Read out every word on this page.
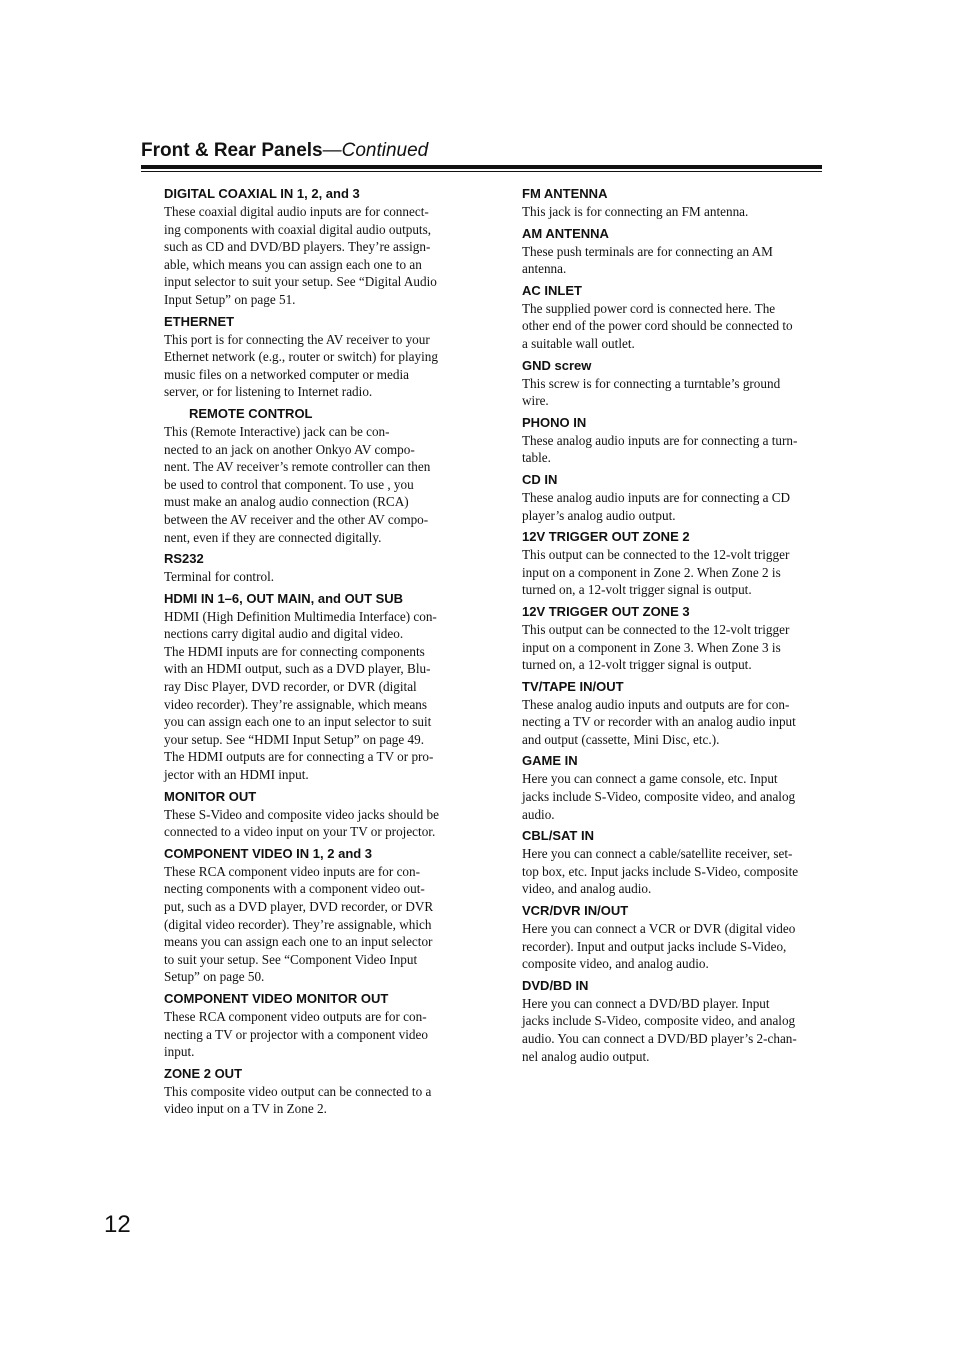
Front & Rear Panels—Continued
DIGITAL COAXIAL IN 1, 2, and 3
These coaxial digital audio inputs are for connect-
ing components with coaxial digital audio outputs,
such as CD and DVD/BD players. They’re assign-
able, which means you can assign each one to an
input selector to suit your setup. See “Digital Audio
Input Setup” on page 51.
ETHERNET
This port is for connecting the AV receiver to your
Ethernet network (e.g., router or switch) for playing
music files on a networked computer or media
server, or for listening to Internet radio.
REMOTE CONTROL
This (Remote Interactive) jack can be con-
nected to an jack on another Onkyo AV compo-
nent. The AV receiver’s remote controller can then
be used to control that component. To use , you
must make an analog audio connection (RCA)
between the AV receiver and the other AV compo-
nent, even if they are connected digitally.
RS232
Terminal for control.
HDMI IN 1–6, OUT MAIN, and OUT SUB
HDMI (High Definition Multimedia Interface) con-
nections carry digital audio and digital video.
The HDMI inputs are for connecting components
with an HDMI output, such as a DVD player, Blu-
ray Disc Player, DVD recorder, or DVR (digital
video recorder). They’re assignable, which means
you can assign each one to an input selector to suit
your setup. See “HDMI Input Setup” on page 49.
The HDMI outputs are for connecting a TV or pro-
jector with an HDMI input.
MONITOR OUT
These S-Video and composite video jacks should be
connected to a video input on your TV or projector.
COMPONENT VIDEO IN 1, 2 and 3
These RCA component video inputs are for con-
necting components with a component video out-
put, such as a DVD player, DVD recorder, or DVR
(digital video recorder). They’re assignable, which
means you can assign each one to an input selector
to suit your setup. See “Component Video Input
Setup” on page 50.
COMPONENT VIDEO MONITOR OUT
These RCA component video outputs are for con-
necting a TV or projector with a component video
input.
ZONE 2 OUT
This composite video output can be connected to a
video input on a TV in Zone 2.
FM ANTENNA
This jack is for connecting an FM antenna.
AM ANTENNA
These push terminals are for connecting an AM
antenna.
AC INLET
The supplied power cord is connected here. The
other end of the power cord should be connected to
a suitable wall outlet.
GND screw
This screw is for connecting a turntable’s ground
wire.
PHONO IN
These analog audio inputs are for connecting a turn-
table.
CD IN
These analog audio inputs are for connecting a CD
player’s analog audio output.
12V TRIGGER OUT ZONE 2
This output can be connected to the 12-volt trigger
input on a component in Zone 2. When Zone 2 is
turned on, a 12-volt trigger signal is output.
12V TRIGGER OUT ZONE 3
This output can be connected to the 12-volt trigger
input on a component in Zone 3. When Zone 3 is
turned on, a 12-volt trigger signal is output.
TV/TAPE IN/OUT
These analog audio inputs and outputs are for con-
necting a TV or recorder with an analog audio input
and output (cassette, Mini Disc, etc.).
GAME IN
Here you can connect a game console, etc. Input
jacks include S-Video, composite video, and analog
audio.
CBL/SAT IN
Here you can connect a cable/satellite receiver, set-
top box, etc. Input jacks include S-Video, composite
video, and analog audio.
VCR/DVR IN/OUT
Here you can connect a VCR or DVR (digital video
recorder). Input and output jacks include S-Video,
composite video, and analog audio.
DVD/BD IN
Here you can connect a DVD/BD player. Input
jacks include S-Video, composite video, and analog
audio. You can connect a DVD/BD player’s 2-chan-
nel analog audio output.
12
